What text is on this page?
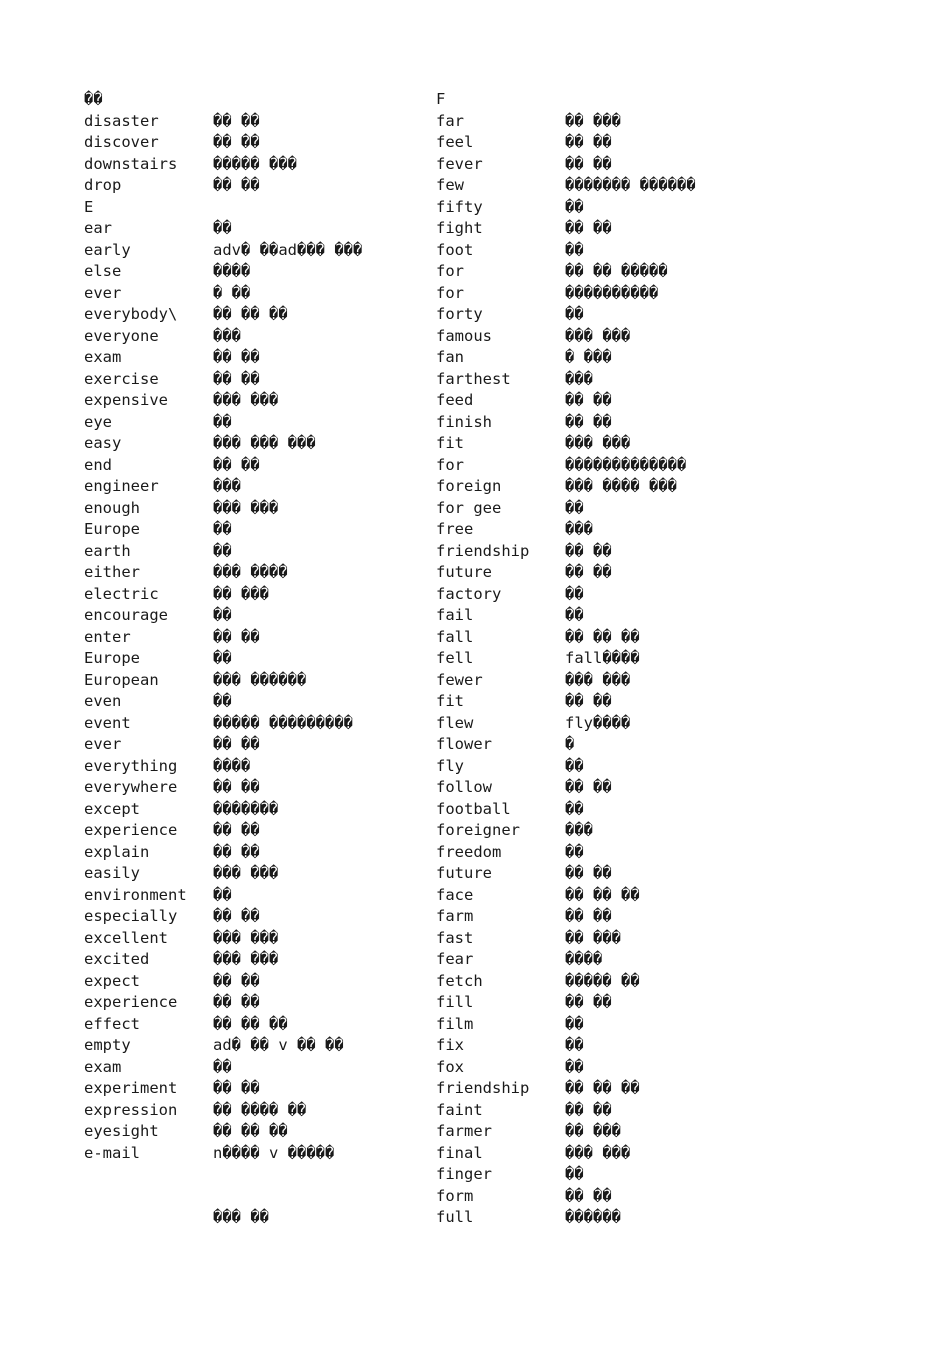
��
disaster	�� ��
discover	�� ��
downstairs ����� ���
drop	�� ��
E
ear	��
early	adv� ��ad��� ���
else	����
ever	� ��
everybody\ �� �� ��
everyone	���
exam	�� ��
exercise	�� ��
expensive	��� ���
eye	��
easy	��� ��� ���
end	�� ��
engineer	���
enough	��� ���
Europe	��
earth	��
either	��� ����
electric	�� ���
encourage	��
enter	�� ��
Europe	��
European	��� ������
even	��
event	����� ���������
ever	�� ��
everything ����
everywhere �� ��
except	�������
experience �� ��
explain	�� ��
easily	��� ���
environment ��
especially �� ��
excellent	��� ���
excited	��� ���
expect	�� ��
experience �� ��
effect	�� �� ��
empty	ad� �� v �� ��
exam	��
experiment �� ��
expression �� ���� ��
eyesight	�� �� ��
e-mail	n���� v �����
��� ��
F
far	�� ���
feel	�� ��
fever	�� ��
few	������� ������
fifty	��
fight	�� ��
foot	��
for	�� �� �����
for	����������
forty	��
famous	��� ���
fan	� ���
farthest	���
feed	�� ��
finish	�� ��
fit	��� ���
for	�������������
foreign	��� ���� ���
for gee	��
free	���
friendship �� ��
future	�� ��
factory	��
fail	��
fall	�� �� ��
fell	fall����
fewer	��� ���
fit	�� ��
flew	fly����
flower	�
fly	��
follow	�� ��
football	��
foreigner	���
freedom	��
future	�� ��
face	�� �� ��
farm	�� ��
fast	�� ���
fear	����
fetch	����� ��
fill	�� ��
film	��
fix	��
fox	��
friendship �� �� ��
faint	�� ��
farmer	�� ���
final	��� ���
finger	��
form	�� ��
full	������
